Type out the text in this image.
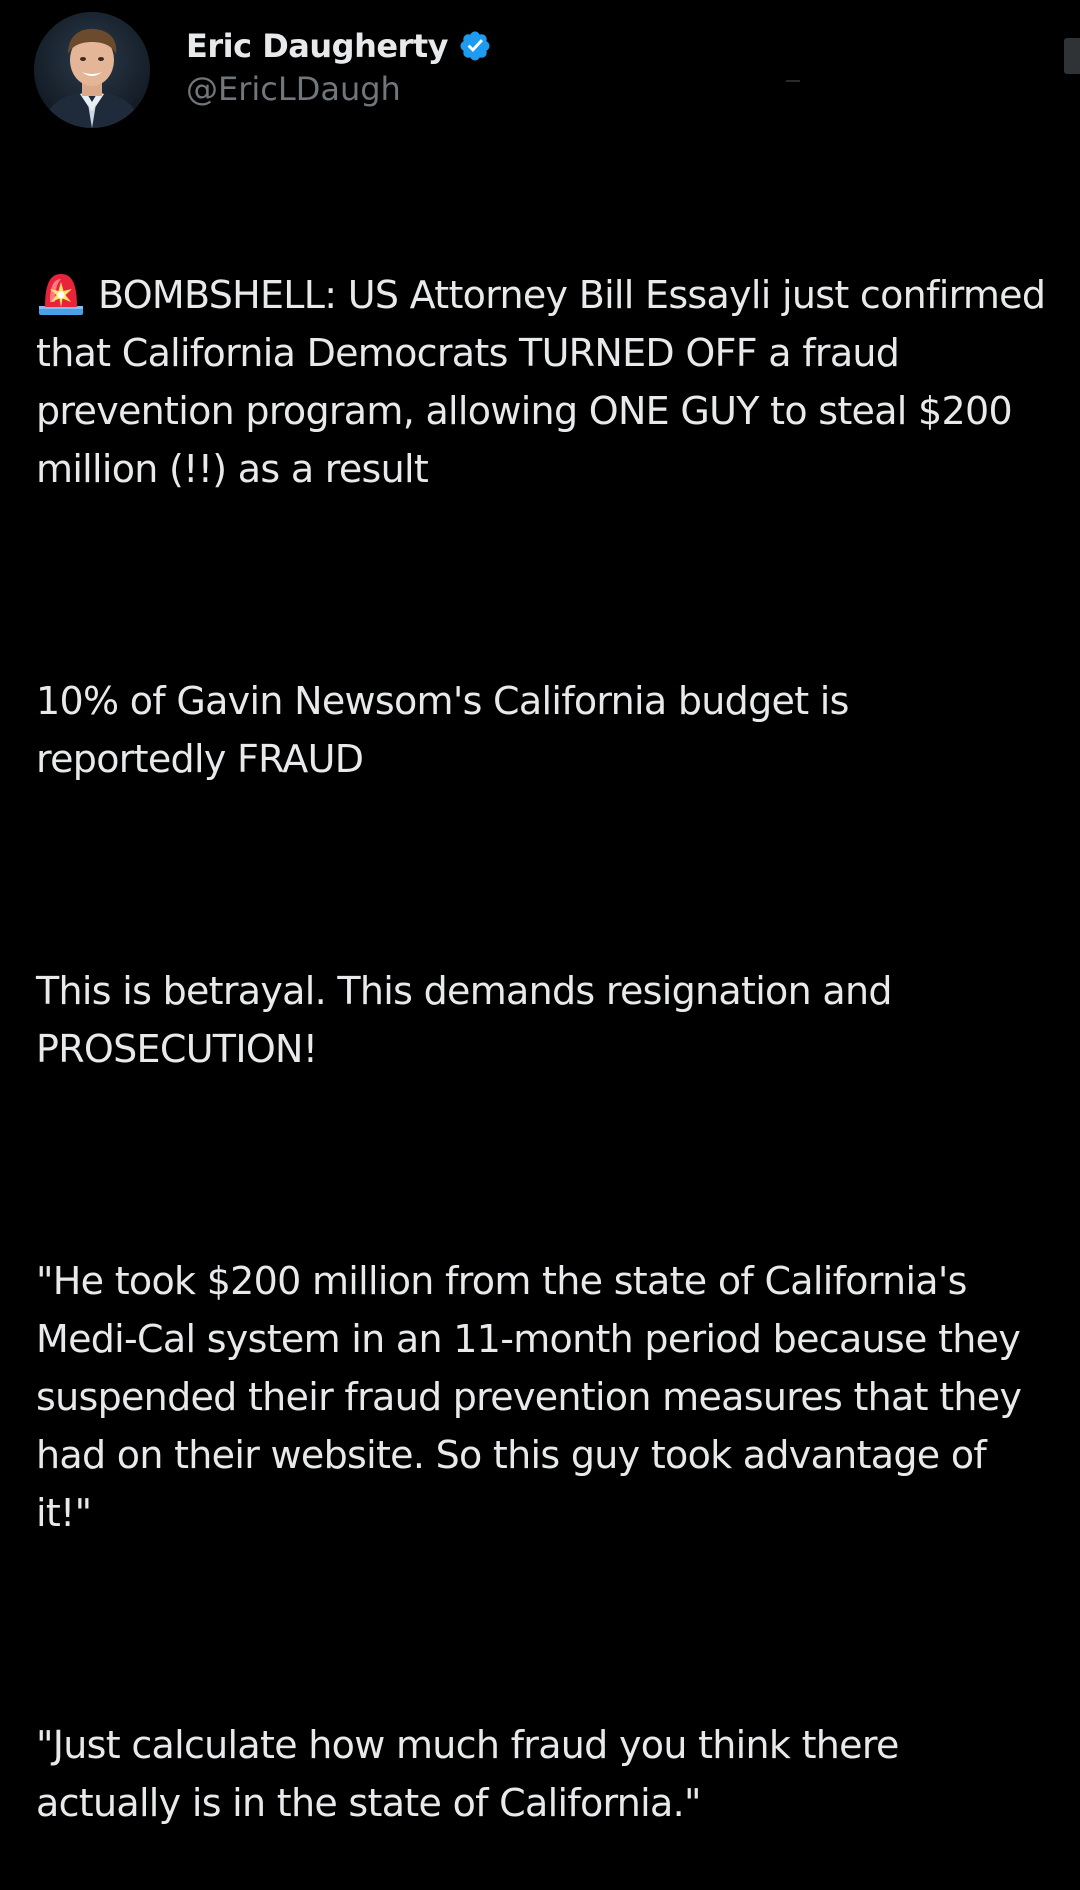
Eric Daugherty
@EricLDaugh

BOMBSHELL: US Attorney Bill Essayli just confirmed that California Democrats TURNED OFF a fraud prevention program, allowing ONE GUY to steal $200 million (!!) as a result

10% of Gavin Newsom's California budget is reportedly FRAUD

This is betrayal. This demands resignation and PROSECUTION!

"He took $200 million from the state of California's Medi-Cal system in an 11-month period because they suspended their fraud prevention measures that they had on their website. So this guy took advantage of it!"

"Just calculate how much fraud you think there actually is in the state of California."
